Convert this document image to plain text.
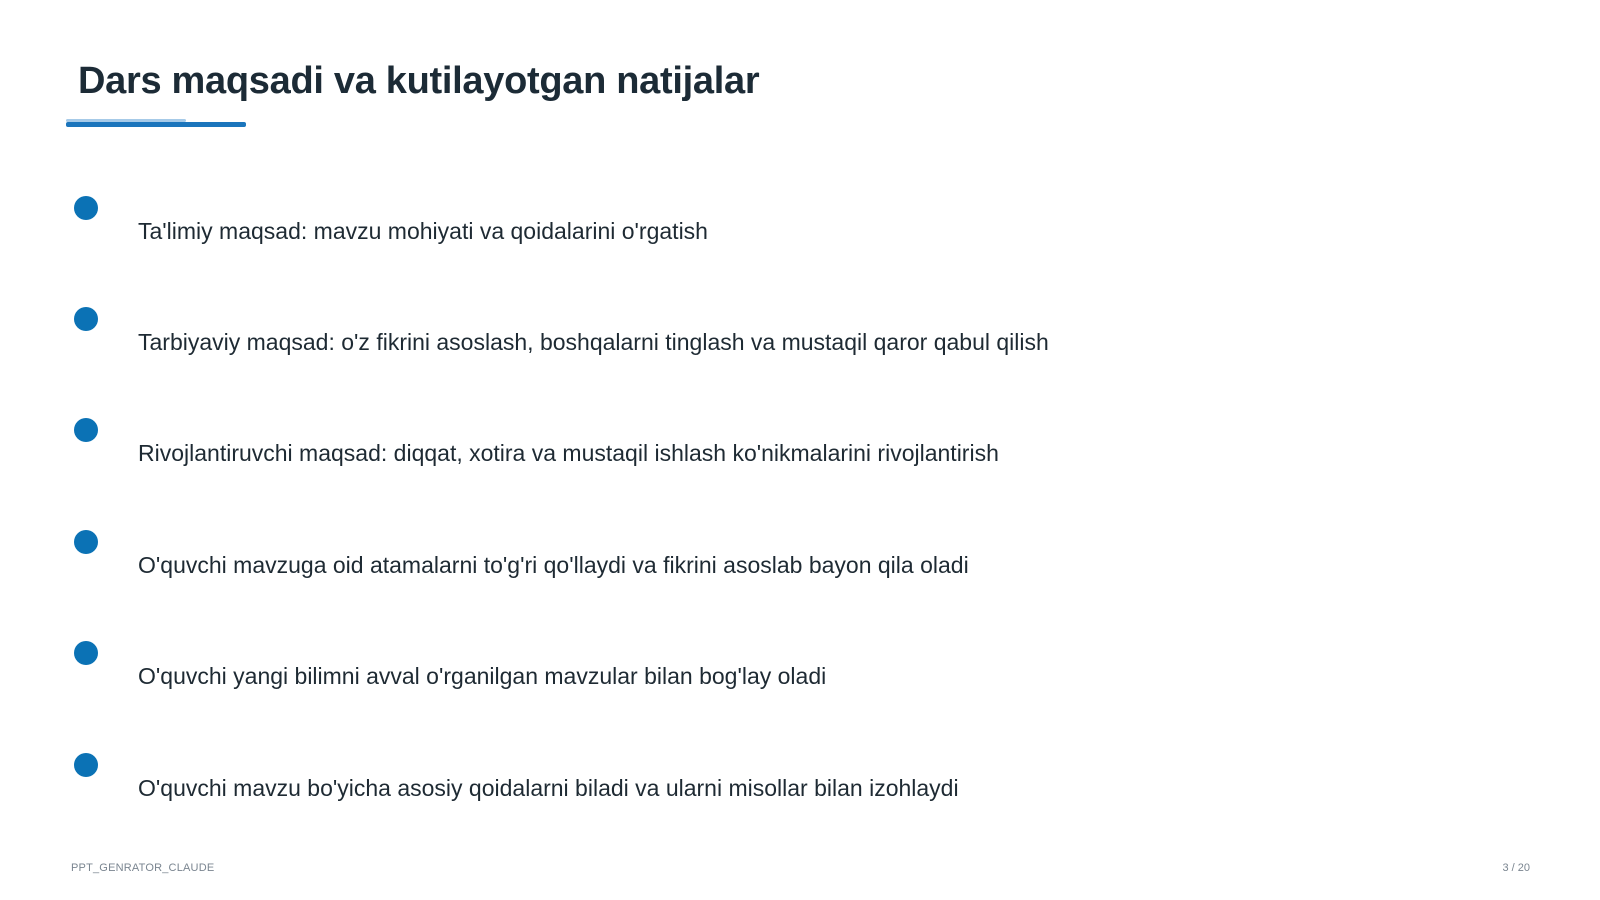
Dars maqsadi va kutilayotgan natijalar
Ta'limiy maqsad: mavzu mohiyati va qoidalarini o'rgatish
Tarbiyaviy maqsad: o'z fikrini asoslash, boshqalarni tinglash va mustaqil qaror qabul qilish
Rivojlantiruvchi maqsad: diqqat, xotira va mustaqil ishlash ko'nikmalarini rivojlantirish
O'quvchi mavzuga oid atamalarni to'g'ri qo'llaydi va fikrini asoslab bayon qila oladi
O'quvchi yangi bilimni avval o'rganilgan mavzular bilan bog'lay oladi
O'quvchi mavzu bo'yicha asosiy qoidalarni biladi va ularni misollar bilan izohlaydi
PPT_GENRATOR_CLAUDE	3 / 20
